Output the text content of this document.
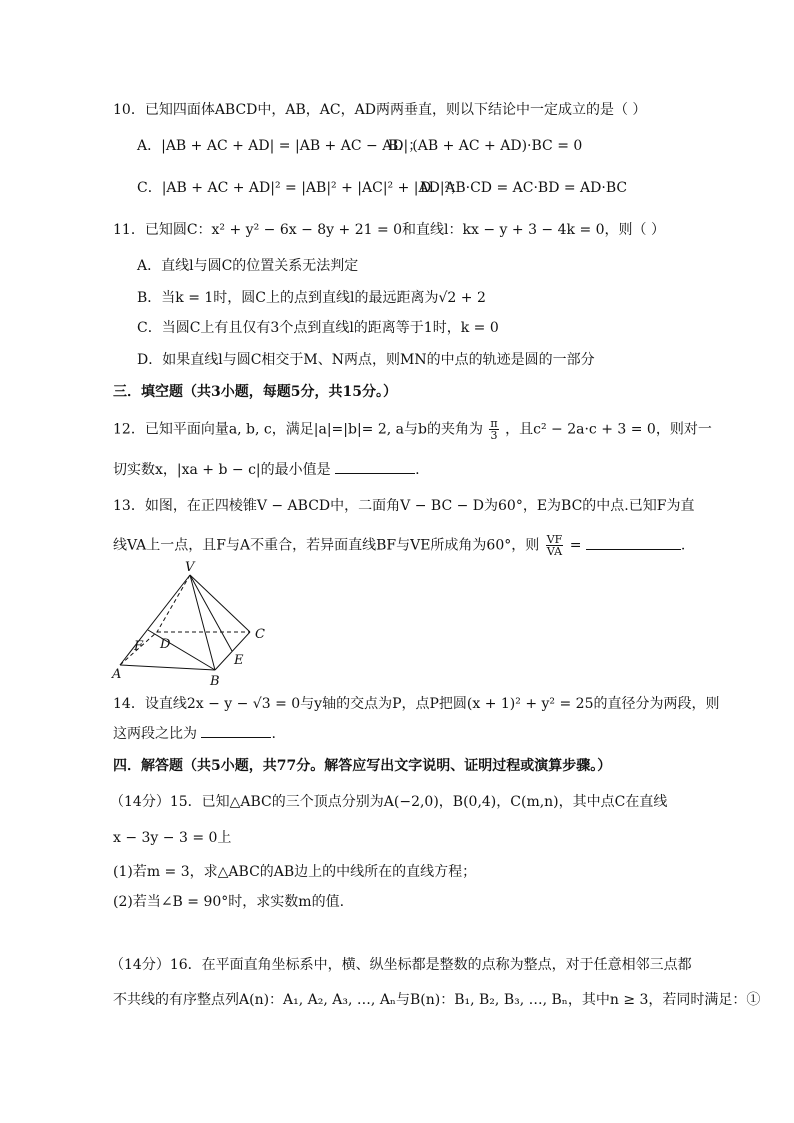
10．已知四面体ABCD中，AB，AC，AD两两垂直，则以下结论中一定成立的是（ ）
A．|AB + AC + AD| = |AB + AC − AD|；
B．(AB + AC + AD)·BC = 0
C．|AB + AC + AD|² = |AB|² + |AC|² + |AD|²；
D．AB·CD = AC·BD = AD·BC
11．已知圆C：x² + y² − 6x − 8y + 21 = 0和直线l：kx − y + 3 − 4k = 0，则（ ）
A．直线l与圆C的位置关系无法判定
B．当k = 1时，圆C上的点到直线l的最远距离为√2 + 2
C．当圆C上有且仅有3个点到直线l的距离等于1时，k = 0
D．如果直线l与圆C相交于M、N两点，则MN的中点的轨迹是圆的一部分
三．填空题（共3小题，每题5分，共15分。）
12．已知平面向量a, b, c，满足|a|=|b|= 2, a与b的夹角为 $\frac{\pi}{3}$ ，且c² − 2a·c + 3 = 0，则对一
切实数x，|xa + b − c|的最小值是	.
13．如图，在正四棱锥V − ABCD中，二面角V − BC − D为60°，E为BC的中点.已知F为直
线VA上一点，且F与A不重合，若异面直线BF与VE所成角为60°，则 $\frac{VF}{VA}$ =	.
V
C
F D
E
A	B
14．设直线2x − y − √3 = 0与y轴的交点为P，点P把圆(x + 1)² + y² = 25的直径分为两段，则
这两段之比为	.
四．解答题（共5小题，共77分。解答应写出文字说明、证明过程或演算步骤。）
（14分）15．已知△ABC的三个顶点分别为A(−2,0)，B(0,4)，C(m,n)，其中点C在直线
x − 3y − 3 = 0上
(1)若m = 3，求△ABC的AB边上的中线所在的直线方程；
(2)若当∠B = 90°时，求实数m的值.
（14分）16．在平面直角坐标系中，横、纵坐标都是整数的点称为整点，对于任意相邻三点都
不共线的有序整点列A(n)：A₁, A₂, A₃, …, Aₙ与B(n)：B₁, B₂, B₃, …, Bₙ，其中n ≥ 3，若同时满足：①
